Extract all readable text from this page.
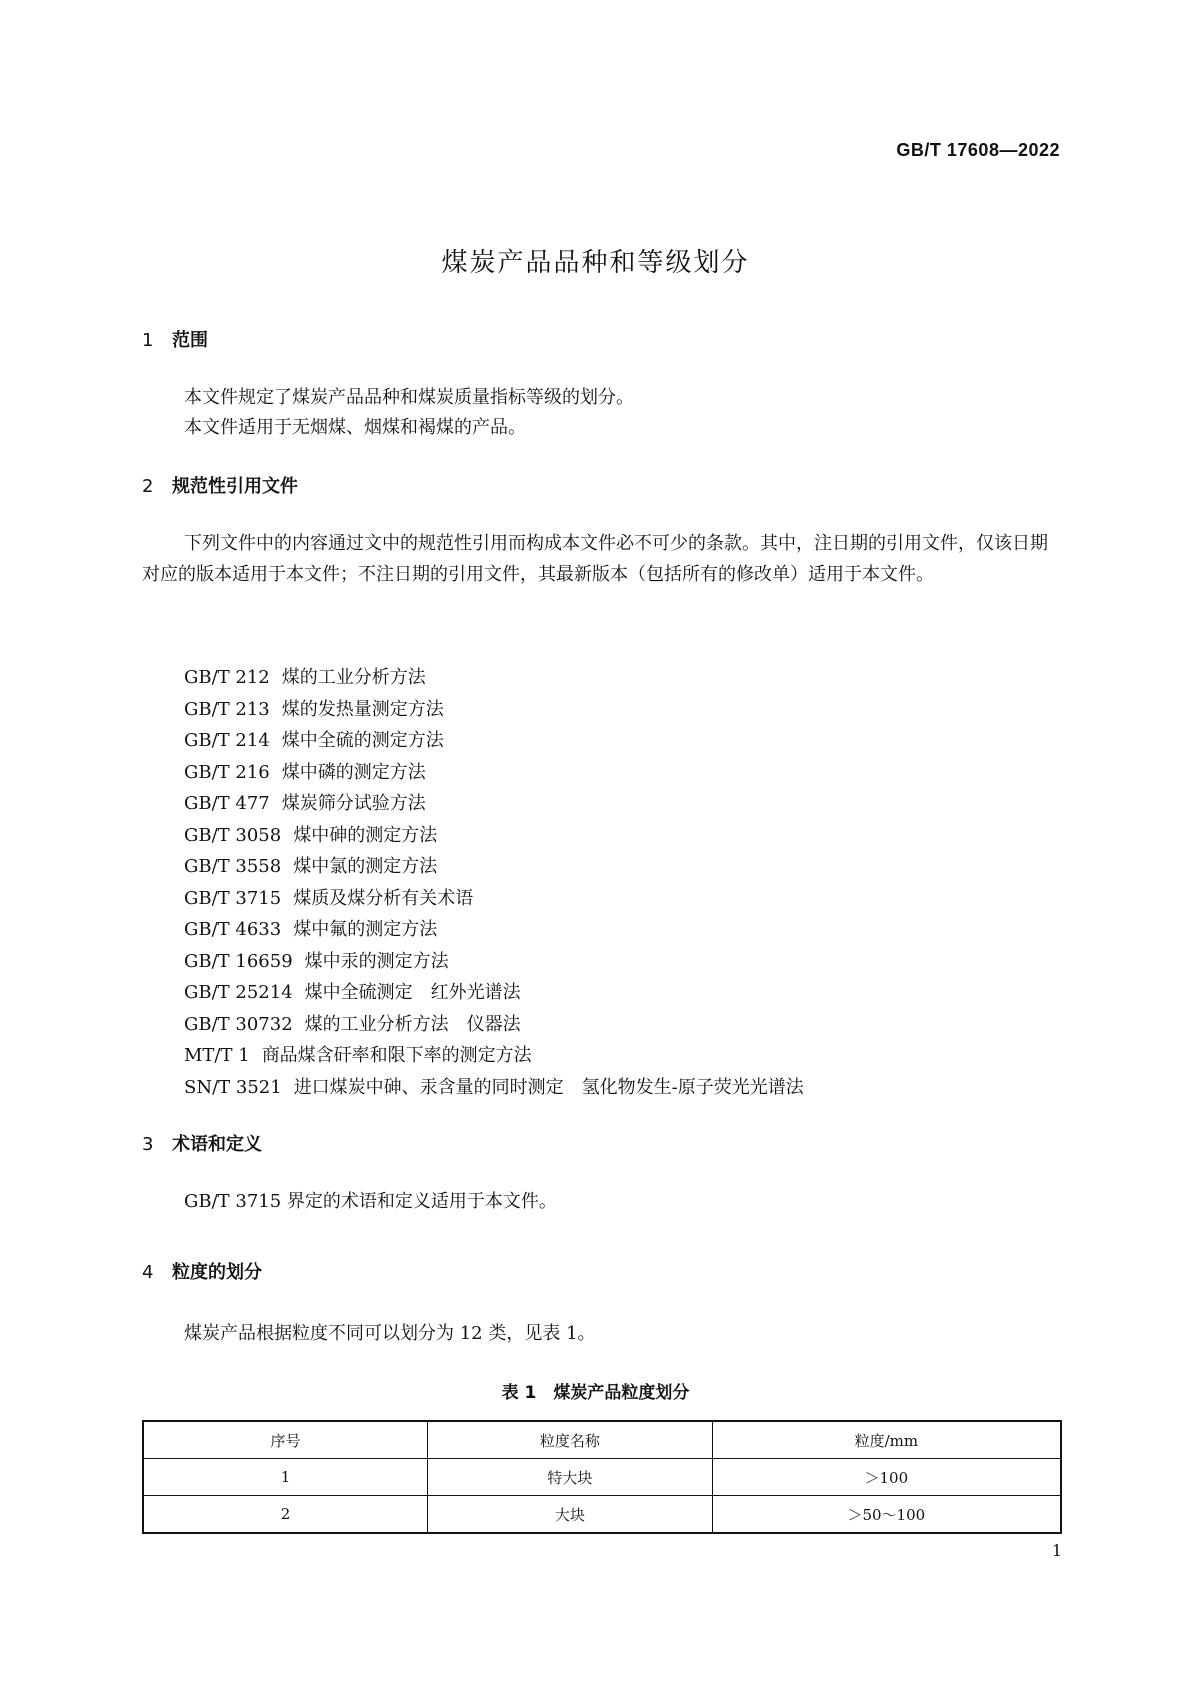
GB/T 17608—2022
煤炭产品品种和等级划分
1 范围
本文件规定了煤炭产品品种和煤炭质量指标等级的划分。
本文件适用于无烟煤、烟煤和褐煤的产品。
2 规范性引用文件
下列文件中的内容通过文中的规范性引用而构成本文件必不可少的条款。其中，注日期的引用文件，仅该日期对应的版本适用于本文件；不注日期的引用文件，其最新版本（包括所有的修改单）适用于本文件。
GB/T 212 煤的工业分析方法
GB/T 213 煤的发热量测定方法
GB/T 214 煤中全硫的测定方法
GB/T 216 煤中磷的测定方法
GB/T 477 煤炭筛分试验方法
GB/T 3058 煤中砷的测定方法
GB/T 3558 煤中氯的测定方法
GB/T 3715 煤质及煤分析有关术语
GB/T 4633 煤中氟的测定方法
GB/T 16659 煤中汞的测定方法
GB/T 25214 煤中全硫测定　红外光谱法
GB/T 30732 煤的工业分析方法　仪器法
MT/T 1 商品煤含矸率和限下率的测定方法
SN/T 3521 进口煤炭中砷、汞含量的同时测定　氢化物发生-原子荧光光谱法
3 术语和定义
GB/T 3715 界定的术语和定义适用于本文件。
4 粒度的划分
煤炭产品根据粒度不同可以划分为 12 类，见表 1。
表 1　煤炭产品粒度划分
序号	粒度名称	粒度/mm
1	特大块	＞100
2	大块	＞50～100
1
